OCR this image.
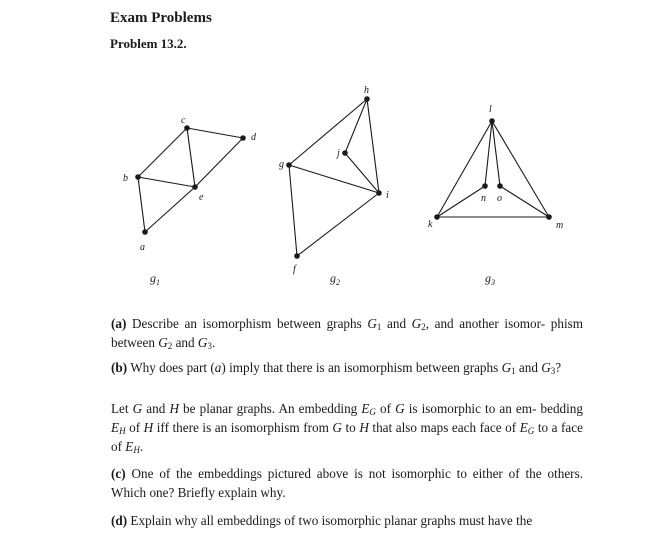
Exam Problems
Problem 13.2.
a
b
c
d
e
f
g
h
i
j
k
l
m
n o
$g_1$	$g_2$	$g_3$
(a) Describe an isomorphism between graphs $G_1$ and $G_2$, and another isomor- phism between $G_2$ and $G_3$.
(b) Why does part (a) imply that there is an isomorphism between graphs $G_1$ and $G_3$?
Let G and H be planar graphs. An embedding $E_G$ of G is isomorphic to an em- bedding $E_H$ of H iff there is an isomorphism from G to H that also maps each face of $E_G$ to a face of $E_H$.
(c) One of the embeddings pictured above is not isomorphic to either of the others. Which one? Briefly explain why.
(d) Explain why all embeddings of two isomorphic planar graphs must have the
